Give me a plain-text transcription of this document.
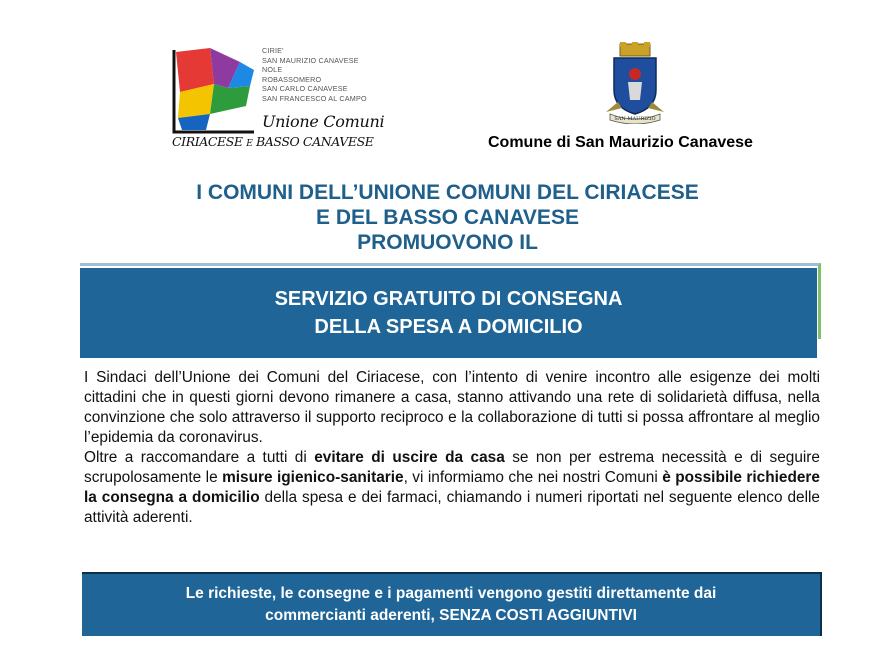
CIRIE'
SAN MAURIZIO CANAVESE
NOLE
ROBASSOMERO
SAN CARLO CANAVESE
SAN FRANCESCO AL CAMPO
Unione Comuni
CIRIACESE e BASSO CANAVESE
SAN MAURIZIO
Comune di San Maurizio Canavese
I COMUNI DELL’UNIONE COMUNI DEL CIRIACESE
E DEL BASSO CANAVESE
PROMUOVONO IL
SERVIZIO GRATUITO DI CONSEGNA
DELLA SPESA A DOMICILIO

I Sindaci dell’Unione dei Comuni del Ciriacese, con l’intento di venire incontro alle esigenze dei molti cittadini che in questi giorni devono rimanere a casa, stanno attivando una rete di solidarietà diffusa, nella convinzione che solo attraverso il supporto reciproco e la collaborazione di tutti si possa affrontare al meglio l’epidemia da coronavirus.

Oltre a raccomandare a tutti di evitare di uscire da casa se non per estrema necessità e di seguire scrupolosamente le misure igienico-sanitarie, vi informiamo che nei nostri Comuni è possibile richiedere la consegna a domicilio della spesa e dei farmaci, chiamando i numeri riportati nel seguente elenco delle attività aderenti.

Le richieste, le consegne e i pagamenti vengono gestiti direttamente dai
commercianti aderenti, SENZA COSTI AGGIUNTIVI
